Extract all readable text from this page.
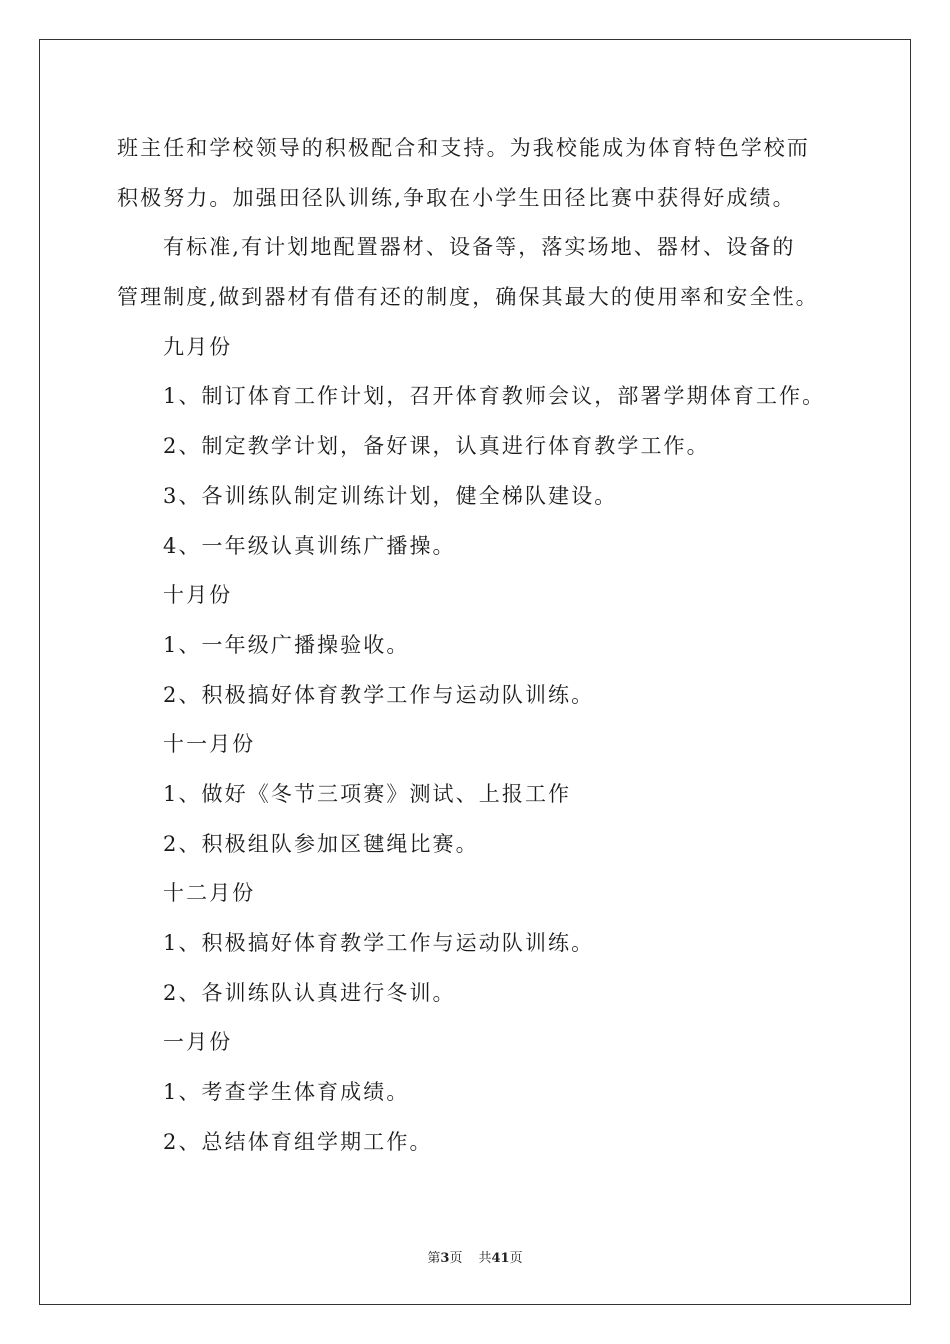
班主任和学校领导的积极配合和支持。为我校能成为体育特色学校而
积极努力。加强田径队训练,争取在小学生田径比赛中获得好成绩。
有标准,有计划地配置器材、设备等，落实场地、器材、设备的
管理制度,做到器材有借有还的制度，确保其最大的使用率和安全性。
九月份
1、制订体育工作计划，召开体育教师会议，部署学期体育工作。
2、制定教学计划，备好课，认真进行体育教学工作。
3、各训练队制定训练计划，健全梯队建设。
4、一年级认真训练广播操。
十月份
1、一年级广播操验收。
2、积极搞好体育教学工作与运动队训练。
十一月份
1、做好《冬节三项赛》测试、上报工作
2、积极组队参加区毽绳比赛。
十二月份
1、积极搞好体育教学工作与运动队训练。
2、各训练队认真进行冬训。
一月份
1、考查学生体育成绩。
2、总结体育组学期工作。
第3页 共41页
